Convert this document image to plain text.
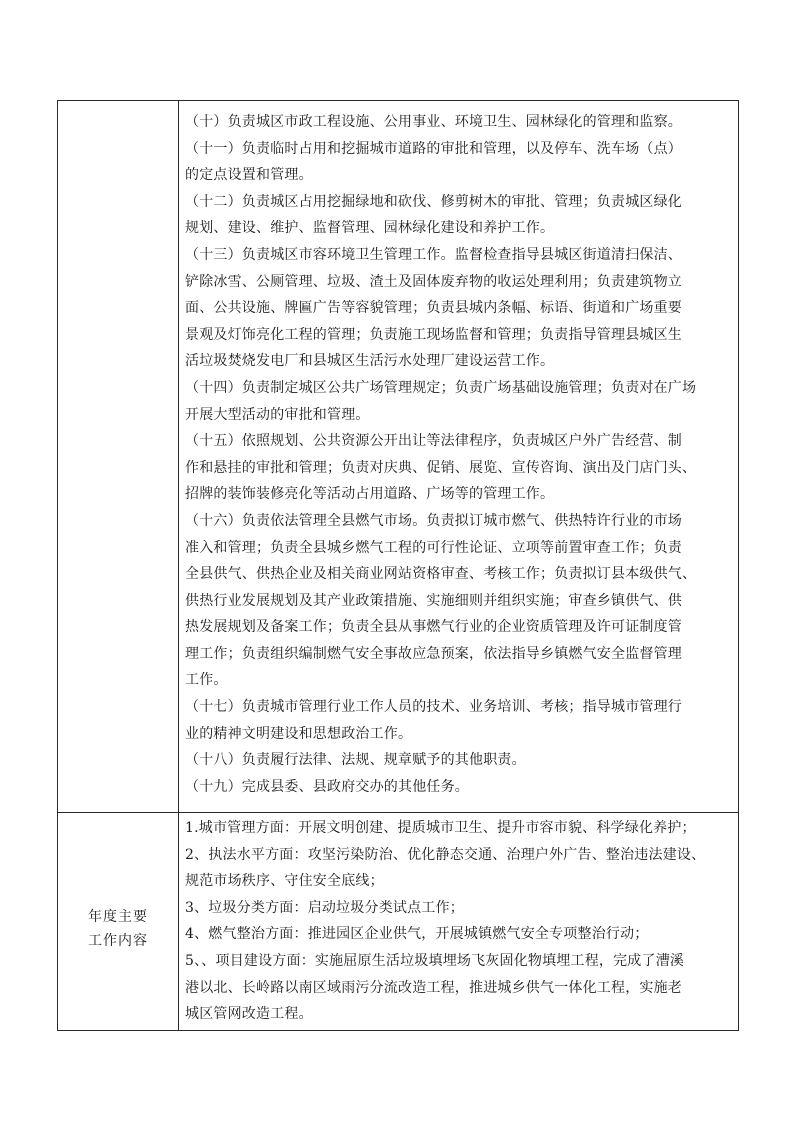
（十）负责城区市政工程设施、公用事业、环境卫生、园林绿化的管理和监察。
（十一）负责临时占用和挖掘城市道路的审批和管理，以及停车、洗车场（点）
的定点设置和管理。
（十二）负责城区占用挖掘绿地和砍伐、修剪树木的审批、管理；负责城区绿化
规划、建设、维护、监督管理、园林绿化建设和养护工作。
（十三）负责城区市容环境卫生管理工作。监督检查指导县城区街道清扫保洁、
铲除冰雪、公厕管理、垃圾、渣土及固体废弃物的收运处理利用；负责建筑物立
面、公共设施、牌匾广告等容貌管理；负责县城内条幅、标语、街道和广场重要
景观及灯饰亮化工程的管理；负责施工现场监督和管理；负责指导管理县城区生
活垃圾焚烧发电厂和县城区生活污水处理厂建设运营工作。
（十四）负责制定城区公共广场管理规定；负责广场基础设施管理；负责对在广场
开展大型活动的审批和管理。
（十五）依照规划、公共资源公开出让等法律程序，负责城区户外广告经营、制
作和悬挂的审批和管理；负责对庆典、促销、展览、宣传咨询、演出及门店门头、
招牌的装饰装修亮化等活动占用道路、广场等的管理工作。
（十六）负责依法管理全县燃气市场。负责拟订城市燃气、供热特许行业的市场
准入和管理；负责全县城乡燃气工程的可行性论证、立项等前置审查工作；负责
全县供气、供热企业及相关商业网站资格审查、考核工作；负责拟订县本级供气、
供热行业发展规划及其产业政策措施、实施细则并组织实施；审查乡镇供气、供
热发展规划及备案工作；负责全县从事燃气行业的企业资质管理及许可证制度管
理工作；负责组织编制燃气安全事故应急预案，依法指导乡镇燃气安全监督管理
工作。
（十七）负责城市管理行业工作人员的技术、业务培训、考核；指导城市管理行
业的精神文明建设和思想政治工作。
（十八）负责履行法律、法规、规章赋予的其他职责。
（十九）完成县委、县政府交办的其他任务。
年度主要
工作内容
1.城市管理方面：开展文明创建、提质城市卫生、提升市容市貌、科学绿化养护；
2、执法水平方面：攻坚污染防治、优化静态交通、治理户外广告、整治违法建设、
规范市场秩序、守住安全底线；
3、垃圾分类方面：启动垃圾分类试点工作；
4、燃气整治方面：推进园区企业供气，开展城镇燃气安全专项整治行动；
5、、项目建设方面：实施屈原生活垃圾填埋场飞灰固化物填埋工程，完成了漕溪
港以北、长岭路以南区域雨污分流改造工程，推进城乡供气一体化工程，实施老
城区管网改造工程。
